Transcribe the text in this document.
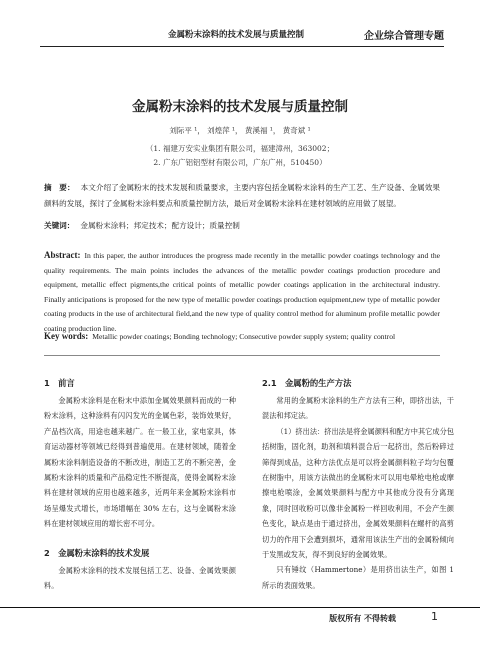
金属粉末涂料的技术发展与质量控制	企业综合管理专题
金属粉末涂料的技术发展与质量控制
刘际平 ¹， 刘煌萍 ¹， 黄溪福 ¹， 黄奇斌 ¹
（1. 福建万安实业集团有限公司，福建漳州，363002；
2. 广东广铝铝型材有限公司，广东广州，510450）
摘　要： 本文介绍了金属粉末的技术发展和质量要求，主要内容包括金属粉末涂料的生产工艺、生产设备、金属效果颜料的发展，探讨了金属粉末涂料要点和质量控制方法，最后对金属粉末涂料在建材领域的应用做了展望。
关键词： 金属粉末涂料；邦定技术；配方设计；质量控制
Abstract: In this paper, the author introduces the progress made recently in the metallic powder coatings technology and the quality requirements. The main points includes the advances of the metallic powder coatings production procedure and equipment, metallic effect pigments,the critical points of metallic powder coatings application in the architectural industry. Finally anticipations is proposed for the new type of metallic powder coatings production equipment,new type of metallic powder coating products in the use of architectural field,and the new type of quality control method for aluminum profile metallic powder coating production line.
Key words: Metallic powder coatings; Bonding technology; Consecutive powder supply system; quality control
1　前言

金属粉末涂料是在粉末中添加金属效果颜料而成的一种粉末涂料，这种涂料有闪闪发光的金属色彩，装饰效果好，产品档次高，用途也越来越广。在一般工业，家电家具，体育运动器材等领域已经得到普遍使用。在建材领域，随着金属粉末涂料制造设备的不断改进，制造工艺的不断完善，金属粉末涂料的质量和产品稳定性不断提高，使得金属粉末涂料在建材领域的应用也越来越多，近两年来金属粉末涂料市场呈爆发式增长，市场增幅在 30% 左右，这与金属粉末涂料在建材领域应用的增长密不可分。

2　金属粉末涂料的技术发展

金属粉末涂料的技术发展包括工艺、设备、金属效果颜料。

2.1　金属粉的生产方法

常用的金属粉末涂料的生产方法有三种，即挤出法，干混法和邦定法。

（1）挤出法：挤出法是将金属颜料和配方中其它成分包括树脂，固化剂，助剂和填料混合后一起挤出，然后粉碎过筛得到成品，这种方法优点是可以将金属颜料粒子均匀包覆在树脂中，用该方法做出的金属粉末可以用电晕枪电枪或摩擦电枪喷涂，金属效果颜料与配方中其他成分没有分离现象，同时回收粉可以像非金属粉一样回收利用，不会产生颜色变化，缺点是由于通过挤出，金属效果颜料在螺杆的高剪切力的作用下会遭到损坏，通常用该法生产出的金属粉倾向于发黑或发灰，得不到良好的金属效果。

只有锤纹（Hammertone）是用挤出法生产，如图 1 所示的表面效果。

版权所有 不得转载	1
